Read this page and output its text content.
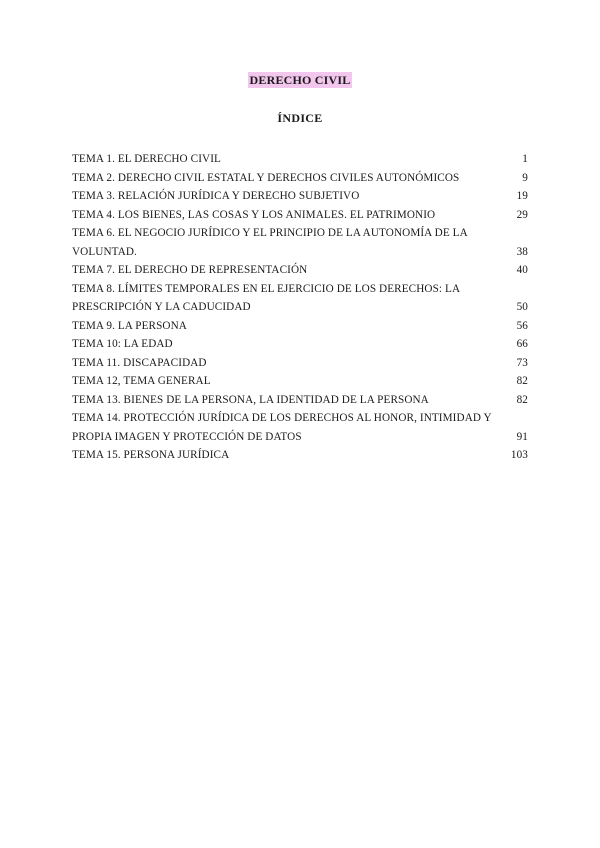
DERECHO CIVIL
ÍNDICE
TEMA 1. EL DERECHO CIVIL	1
TEMA 2. DERECHO CIVIL ESTATAL Y DERECHOS CIVILES AUTONÓMICOS	9
TEMA 3. RELACIÓN JURÍDICA Y DERECHO SUBJETIVO	19
TEMA 4. LOS BIENES, LAS COSAS Y LOS ANIMALES. EL PATRIMONIO	29
TEMA 6. EL NEGOCIO JURÍDICO Y EL PRINCIPIO DE LA AUTONOMÍA DE LA VOLUNTAD.	38
TEMA 7. EL DERECHO DE REPRESENTACIÓN	40
TEMA 8. LÍMITES TEMPORALES EN EL EJERCICIO DE LOS DERECHOS: LA PRESCRIPCIÓN Y LA CADUCIDAD	50
TEMA 9. LA PERSONA	56
TEMA 10: LA EDAD	66
TEMA 11. DISCAPACIDAD	73
TEMA 12, TEMA GENERAL	82
TEMA 13. BIENES DE LA PERSONA, LA IDENTIDAD DE LA PERSONA	82
TEMA 14. PROTECCIÓN JURÍDICA DE LOS DERECHOS AL HONOR, INTIMIDAD Y PROPIA IMAGEN Y PROTECCIÓN DE DATOS	91
TEMA 15. PERSONA JURÍDICA	103
